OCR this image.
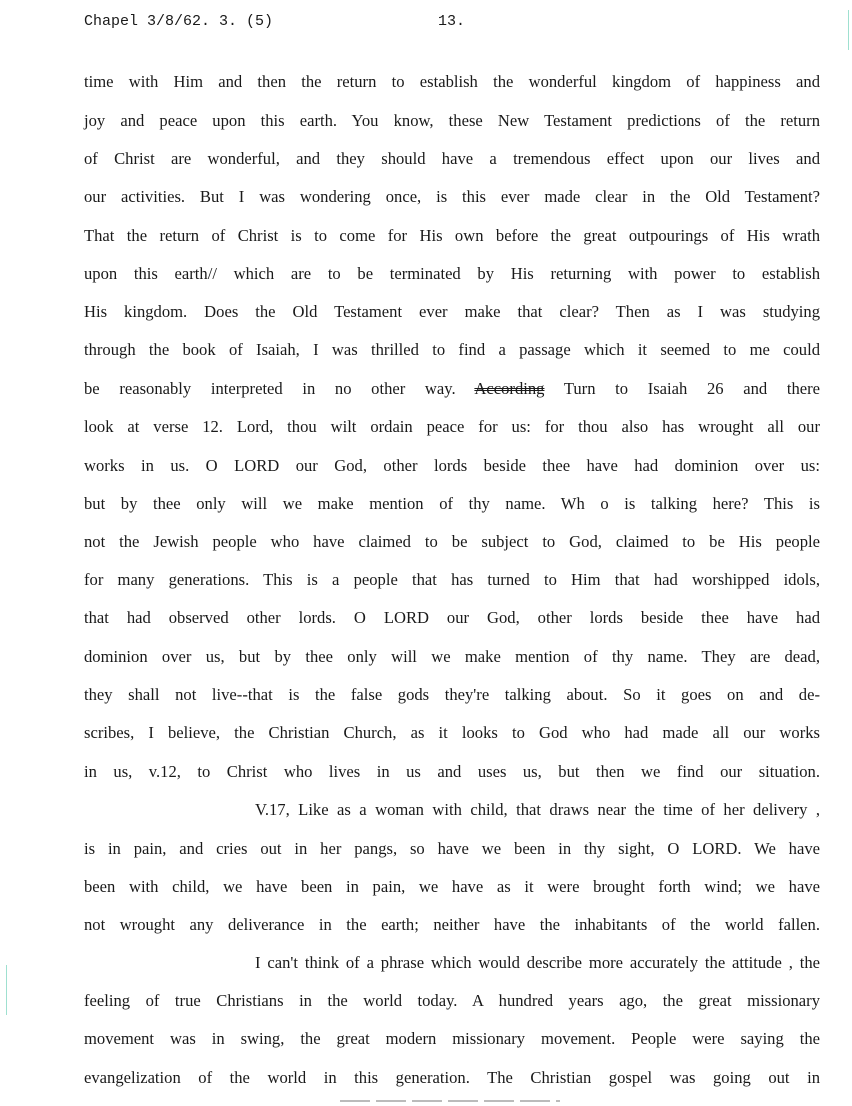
Chapel 3/8/62. 3. (5)	13.
time with Him and then the return to establish the wonderful kingdom of happiness and
joy and peace upon this earth. You know, these New Testament predictions of the return
of Christ are wonderful, and they should have a tremendous effect upon our lives and
our activities. But I was wondering once, is this ever made clear in the Old Testament?
That the return of Christ is to come for His own before the great outpourings of His wrath
upon this earth// which are to be terminated by His returning with power to establish
His kingdom. Does the Old Testament ever make that clear? Then as I was studying
through the book of Isaiah, I was thrilled to find a passage which it seemed to me could
be reasonably interpreted in no other way. According Turn to Isaiah 26 and there
look at verse 12. Lord, thou wilt ordain peace for us: for thou also has wrought all our
works in us. O LORD our God, other lords beside thee have had dominion over us:
but by thee only will we make mention of thy name. Wh o is talking here? This is
not the Jewish people who have claimed to be subject to God, claimed to be His people
for many generations. This is a people that has turned to Him that had worshipped idols,
that had observed other lords. O LORD our God, other lords beside thee have had
dominion over us, but by thee only will we make mention of thy name. They are dead,
they shall not live--that is the false gods they're talking about. So it goes on and de-
scribes, I believe, the Christian Church, as it looks to God who had made all our works
in us, v.12, to Christ who lives in us and uses us, but then we find our situation.
V.17, Like as a woman with child, that draws near the time of her delivery ,
is in pain, and cries out in her pangs, so have we been in thy sight, O LORD. We have
been with child, we have been in pain, we have as it were brought forth wind; we have
not wrought any deliverance in the earth; neither have the inhabitants of the world fallen.
I can't think of a phrase which would describe more accurately the attitude , the
feeling of true Christians in the world today. A hundred years ago, the great missionary
movement was in swing, the great modern missionary movement. People were saying the
evangelization of the world in this generation. The Christian gospel was going out in
